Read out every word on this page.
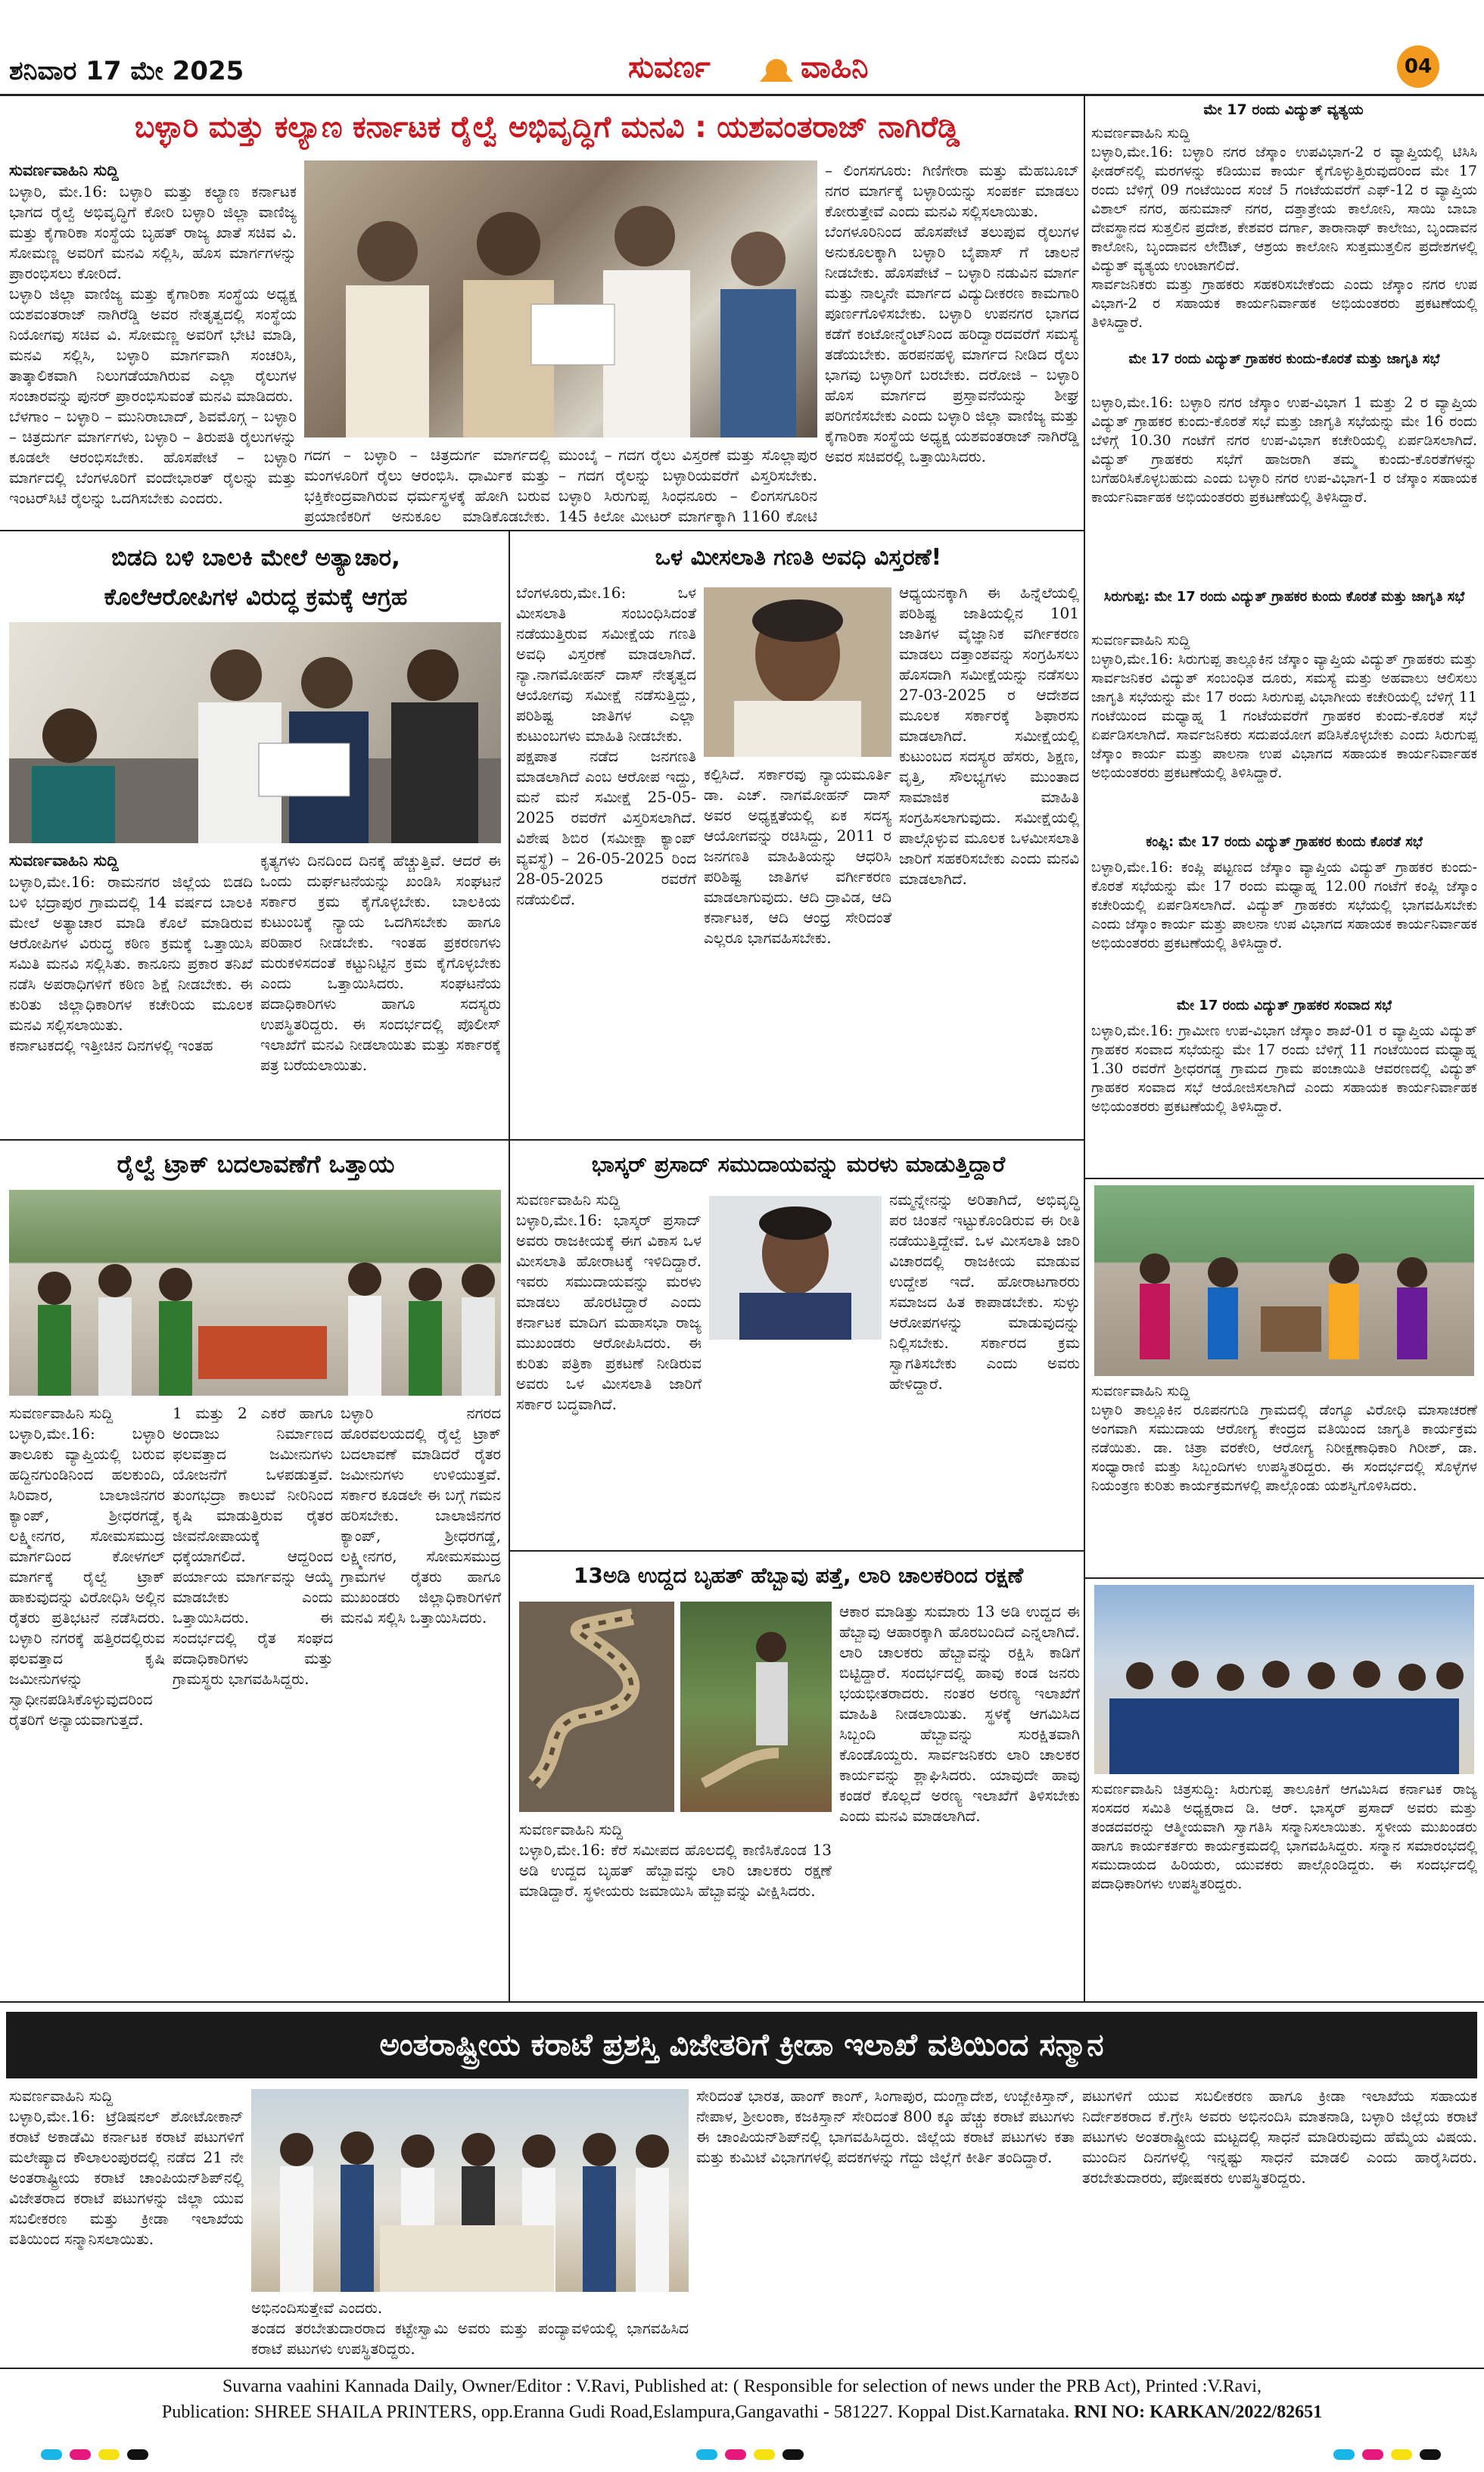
ಶನಿವಾರ 17 ಮೇ 2025	ಸುವರ್ಣ	ವಾಹಿನಿ	04
ಬಳ್ಳಾರಿ ಮತ್ತು ಕಲ್ಯಾಣ ಕರ್ನಾಟಕ ರೈಲ್ವೆ ಅಭಿವೃದ್ಧಿಗೆ ಮನವಿ : ಯಶವಂತರಾಜ್ ನಾಗಿರೆಡ್ಡಿ
ಸುವರ್ಣವಾಹಿನಿ ಸುದ್ದಿ
ಬಳ್ಳಾರಿ, ಮೇ.16: ಬಳ್ಳಾರಿ ಮತ್ತು ಕಲ್ಯಾಣ ಕರ್ನಾಟಕ ಭಾಗದ ರೈಲ್ವೆ ಅಭಿವೃದ್ಧಿಗೆ ಕೋರಿ ಬಳ್ಳಾರಿ ಜಿಲ್ಲಾ ವಾಣಿಜ್ಯ ಮತ್ತು ಕೈಗಾರಿಕಾ ಸಂಸ್ಥೆಯ ಬೃಹತ್ ರಾಜ್ಯ ಖಾತೆ ಸಚಿವ ವಿ. ಸೋಮಣ್ಣ ಅವರಿಗೆ ಮನವಿ ಸಲ್ಲಿಸಿ, ಹೊಸ ಮಾರ್ಗಗಳನ್ನು ಪ್ರಾರಂಭಿಸಲು ಕೋರಿದೆ.
ಬಳ್ಳಾರಿ ಜಿಲ್ಲಾ ವಾಣಿಜ್ಯ ಮತ್ತು ಕೈಗಾರಿಕಾ ಸಂಸ್ಥೆಯ ಅಧ್ಯಕ್ಷ ಯಶವಂತರಾಜ್ ನಾಗಿರೆಡ್ಡಿ ಅವರ ನೇತೃತ್ವದಲ್ಲಿ ಸಂಸ್ಥೆಯ ನಿಯೋಗವು ಸಚಿವ ವಿ. ಸೋಮಣ್ಣ ಅವರಿಗೆ ಭೇಟಿ ಮಾಡಿ, ಮನವಿ ಸಲ್ಲಿಸಿ, ಬಳ್ಳಾರಿ ಮಾರ್ಗವಾಗಿ ಸಂಚರಿಸಿ, ತಾತ್ಕಾಲಿಕವಾಗಿ ನಿಲುಗಡೆಯಾಗಿರುವ ಎಲ್ಲಾ ರೈಲುಗಳ ಸಂಚಾರವನ್ನು ಪುನರ್ ಪ್ರಾರಂಭಿಸುವಂತೆ ಮನವಿ ಮಾಡಿದರು.
ಬೆಳಗಾಂ – ಬಳ್ಳಾರಿ – ಮುನಿರಾಬಾದ್, ಶಿವಮೊಗ್ಗ – ಬಳ್ಳಾರಿ – ಚಿತ್ರದುರ್ಗ ಮಾರ್ಗಗಳು, ಬಳ್ಳಾರಿ – ತಿರುಪತಿ ರೈಲುಗಳನ್ನು ಕೂಡಲೇ ಆರಂಭಿಸಬೇಕು. ಹೊಸಪೇಟೆ – ಬಳ್ಳಾರಿ ಮಾರ್ಗದಲ್ಲಿ ಬೆಂಗಳೂರಿಗೆ ವಂದೇಭಾರತ್ ರೈಲನ್ನು ಮತ್ತು ಇಂಟರ್‌ಸಿಟಿ ರೈಲನ್ನು ಒದಗಿಸಬೇಕು ಎಂದರು.
ಗದಗ – ಬಳ್ಳಾರಿ – ಚಿತ್ರದುರ್ಗ ಮಾರ್ಗದಲ್ಲಿ ಮಂಗಳೂರಿಗೆ ರೈಲು ಆರಂಭಿಸಿ. ಧಾರ್ಮಿಕ ಮತ್ತು ಭಕ್ತಿಕೇಂದ್ರವಾಗಿರುವ ಧರ್ಮಸ್ಥಳಕ್ಕೆ ಹೋಗಿ ಬರುವ ಪ್ರಯಾಣಿಕರಿಗೆ ಅನುಕೂಲ ಮಾಡಿಕೊಡಬೇಕು.
ಮುಂಬೈ – ಗದಗ ರೈಲು ವಿಸ್ತರಣೆ ಮತ್ತು ಸೊಲ್ಲಾಪುರ – ಗದಗ ರೈಲನ್ನು ಬಳ್ಳಾರಿಯವರೆಗೆ ವಿಸ್ತರಿಸಬೇಕು. ಬಳ್ಳಾರಿ ಸಿರುಗುಪ್ಪ ಸಿಂಧನೂರು – ಲಿಂಗಸಗೂರಿನ 145 ಕಿಲೋ ಮೀಟರ್ ಮಾರ್ಗಕ್ಕಾಗಿ 1160 ಕೋಟಿ
– ಲಿಂಗಸಗೂರು: ಗಿಣಿಗೇರಾ ಮತ್ತು ಮೆಹಬೂಬ್ ನಗರ ಮಾರ್ಗಕ್ಕೆ ಬಳ್ಳಾರಿಯನ್ನು ಸಂಪರ್ಕ ಮಾಡಲು ಕೋರುತ್ತೇವೆ ಎಂದು ಮನವಿ ಸಲ್ಲಿಸಲಾಯಿತು.
ಬೆಂಗಳೂರಿನಿಂದ ಹೊಸಪೇಟೆ ತಲುಪುವ ರೈಲುಗಳ ಅನುಕೂಲಕ್ಕಾಗಿ ಬಳ್ಳಾರಿ ಬೈಪಾಸ್ ಗೆ ಚಾಲನೆ ನೀಡಬೇಕು. ಹೊಸಪೇಟೆ – ಬಳ್ಳಾರಿ ನಡುವಿನ ಮಾರ್ಗ ಮತ್ತು ನಾಲ್ಕನೇ ಮಾರ್ಗದ ವಿದ್ಯುದೀಕರಣ ಕಾಮಗಾರಿ ಪೂರ್ಣಗೊಳಿಸಬೇಕು. ಬಳ್ಳಾರಿ ಉಪನಗರ ಭಾಗದ ಕಡೆಗೆ ಕಂಟೋನ್ಮೆಂಟ್‌ನಿಂದ ಹರಿದ್ವಾರದವರೆಗೆ ಸಮಸ್ಯೆ ತಡೆಯಬೇಕು. ಹರಪನಹಳ್ಳಿ ಮಾರ್ಗದ ನೀಡಿದ ರೈಲು ಭಾಗವು ಬಳ್ಳಾರಿಗೆ ಬರಬೇಕು. ದರೋಜಿ – ಬಳ್ಳಾರಿ ಹೊಸ ಮಾರ್ಗದ ಪ್ರಸ್ತಾವನೆಯನ್ನು ಶೀಘ್ರ ಪರಿಗಣಿಸಬೇಕು ಎಂದು ಬಳ್ಳಾರಿ ಜಿಲ್ಲಾ ವಾಣಿಜ್ಯ ಮತ್ತು ಕೈಗಾರಿಕಾ ಸಂಸ್ಥೆಯ ಅಧ್ಯಕ್ಷ ಯಶವಂತರಾಜ್ ನಾಗಿರೆಡ್ಡಿ ಅವರ ಸಚಿವರಲ್ಲಿ ಒತ್ತಾಯಿಸಿದರು.
ಬಿಡದಿ ಬಳಿ ಬಾಲಕಿ ಮೇಲೆ ಅತ್ಯಾಚಾರ,
ಕೊಲೆಆರೋಪಿಗಳ ವಿರುದ್ಧ ಕ್ರಮಕ್ಕೆ ಆಗ್ರಹ
ಸುವರ್ಣವಾಹಿನಿ ಸುದ್ದಿ
ಬಳ್ಳಾರಿ,ಮೇ.16: ರಾಮನಗರ ಜಿಲ್ಲೆಯ ಬಿಡದಿ ಬಳಿ ಭದ್ರಾಪುರ ಗ್ರಾಮದಲ್ಲಿ 14 ವರ್ಷದ ಬಾಲಕಿ ಮೇಲೆ ಅತ್ಯಾಚಾರ ಮಾಡಿ ಕೊಲೆ ಮಾಡಿರುವ ಆರೋಪಿಗಳ ವಿರುದ್ಧ ಕಠಿಣ ಕ್ರಮಕ್ಕೆ ಒತ್ತಾಯಿಸಿ ಸಮಿತಿ ಮನವಿ ಸಲ್ಲಿಸಿತು. ಕಾನೂನು ಪ್ರಕಾರ ತನಿಖೆ ನಡೆಸಿ ಅಪರಾಧಿಗಳಿಗೆ ಕಠಿಣ ಶಿಕ್ಷೆ ನೀಡಬೇಕು. ಈ ಕುರಿತು ಜಿಲ್ಲಾಧಿಕಾರಿಗಳ ಕಚೇರಿಯ ಮೂಲಕ ಮನವಿ ಸಲ್ಲಿಸಲಾಯಿತು.
ಕರ್ನಾಟಕದಲ್ಲಿ ಇತ್ತೀಚಿನ ದಿನಗಳಲ್ಲಿ ಇಂತಹ
ಕೃತ್ಯಗಳು ದಿನದಿಂದ ದಿನಕ್ಕೆ ಹೆಚ್ಚುತ್ತಿವೆ. ಆದರೆ ಈ ಒಂದು ದುರ್ಘಟನೆಯನ್ನು ಖಂಡಿಸಿ ಸಂಘಟನೆ ಸರ್ಕಾರ ಕ್ರಮ ಕೈಗೊಳ್ಳಬೇಕು. ಬಾಲಕಿಯ ಕುಟುಂಬಕ್ಕೆ ನ್ಯಾಯ ಒದಗಿಸಬೇಕು ಹಾಗೂ ಪರಿಹಾರ ನೀಡಬೇಕು. ಇಂತಹ ಪ್ರಕರಣಗಳು ಮರುಕಳಿಸದಂತೆ ಕಟ್ಟುನಿಟ್ಟಿನ ಕ್ರಮ ಕೈಗೊಳ್ಳಬೇಕು ಎಂದು ಒತ್ತಾಯಿಸಿದರು. ಸಂಘಟನೆಯ ಪದಾಧಿಕಾರಿಗಳು ಹಾಗೂ ಸದಸ್ಯರು ಉಪಸ್ಥಿತರಿದ್ದರು. ಈ ಸಂದರ್ಭದಲ್ಲಿ ಪೊಲೀಸ್ ಇಲಾಖೆಗೆ ಮನವಿ ನೀಡಲಾಯಿತು ಮತ್ತು ಸರ್ಕಾರಕ್ಕೆ ಪತ್ರ ಬರೆಯಲಾಯಿತು.
ಒಳ ಮೀಸಲಾತಿ ಗಣತಿ ಅವಧಿ ವಿಸ್ತರಣೆ!
ಬೆಂಗಳೂರು,ಮೇ.16: ಒಳ ಮೀಸಲಾತಿ ಸಂಬಂಧಿಸಿದಂತೆ ನಡೆಯುತ್ತಿರುವ ಸಮೀಕ್ಷೆಯ ಗಣತಿ ಅವಧಿ ವಿಸ್ತರಣೆ ಮಾಡಲಾಗಿದೆ. ನ್ಯಾ.ನಾಗಮೋಹನ್ ದಾಸ್ ನೇತೃತ್ವದ ಆಯೋಗವು ಸಮೀಕ್ಷೆ ನಡೆಸುತ್ತಿದ್ದು, ಪರಿಶಿಷ್ಟ ಜಾತಿಗಳ ಎಲ್ಲಾ ಕುಟುಂಬಗಳು ಮಾಹಿತಿ ನೀಡಬೇಕು.
ಪಕ್ಷಪಾತ ನಡೆದ ಜನಗಣತಿ ಮಾಡಲಾಗಿದೆ ಎಂಬ ಆರೋಪ ಇದ್ದು, ಮನೆ ಮನೆ ಸಮೀಕ್ಷೆ 25-05-2025 ರವರೆಗೆ ವಿಸ್ತರಿಸಲಾಗಿದೆ. ವಿಶೇಷ ಶಿಬಿರ (ಸಮೀಕ್ಷಾ ಕ್ಯಾಂಪ್ ವ್ಯವಸ್ಥೆ) – 26-05-2025 ರಿಂದ 28-05-2025 ರವರೆಗೆ ನಡೆಯಲಿದೆ.
ಕಲ್ಪಿಸಿದೆ. ಸರ್ಕಾರವು ನ್ಯಾಯಮೂರ್ತಿ ಡಾ. ಎಚ್. ನಾಗಮೋಹನ್ ದಾಸ್ ಅವರ ಅಧ್ಯಕ್ಷತೆಯಲ್ಲಿ ಏಕ ಸದಸ್ಯ ಆಯೋಗವನ್ನು ರಚಿಸಿದ್ದು, 2011 ರ ಜನಗಣತಿ ಮಾಹಿತಿಯನ್ನು ಆಧರಿಸಿ ಪರಿಶಿಷ್ಟ ಜಾತಿಗಳ ವರ್ಗೀಕರಣ ಮಾಡಲಾಗುವುದು. ಆದಿ ದ್ರಾವಿಡ, ಆದಿ ಕರ್ನಾಟಕ, ಆದಿ ಆಂಧ್ರ ಸೇರಿದಂತೆ ಎಲ್ಲರೂ ಭಾಗವಹಿಸಬೇಕು.
ಆಧ್ಯಯನಕ್ಕಾಗಿ ಈ ಹಿನ್ನೆಲೆಯಲ್ಲಿ ಪರಿಶಿಷ್ಟ ಜಾತಿಯಲ್ಲಿನ 101 ಜಾತಿಗಳ ವೈಜ್ಞಾನಿಕ ವರ್ಗೀಕರಣ ಮಾಡಲು ದತ್ತಾಂಶವನ್ನು ಸಂಗ್ರಹಿಸಲು ಹೊಸದಾಗಿ ಸಮೀಕ್ಷೆಯನ್ನು ನಡೆಸಲು 27-03-2025 ರ ಆದೇಶದ ಮೂಲಕ ಸರ್ಕಾರಕ್ಕೆ ಶಿಫಾರಸು ಮಾಡಲಾಗಿದೆ. ಸಮೀಕ್ಷೆಯಲ್ಲಿ ಕುಟುಂಬದ ಸದಸ್ಯರ ಹೆಸರು, ಶಿಕ್ಷಣ, ವೃತ್ತಿ, ಸೌಲಭ್ಯಗಳು ಮುಂತಾದ ಸಾಮಾಜಿಕ ಮಾಹಿತಿ ಸಂಗ್ರಹಿಸಲಾಗುವುದು. ಸಮೀಕ್ಷೆಯಲ್ಲಿ ಪಾಲ್ಗೊಳ್ಳುವ ಮೂಲಕ ಒಳಮೀಸಲಾತಿ ಜಾರಿಗೆ ಸಹಕರಿಸಬೇಕು ಎಂದು ಮನವಿ ಮಾಡಲಾಗಿದೆ.
ರೈಲ್ವೆ ಟ್ರಾಕ್ ಬದಲಾವಣೆಗೆ ಒತ್ತಾಯ
ಸುವರ್ಣವಾಹಿನಿ ಸುದ್ದಿ
ಬಳ್ಳಾರಿ,ಮೇ.16: ಬಳ್ಳಾರಿ ತಾಲೂಕು ವ್ಯಾಪ್ತಿಯಲ್ಲಿ ಬರುವ ಹದ್ದಿನಗುಂಡಿನಿಂದ ಹಲಕುಂದಿ, ಸಿರಿವಾರ, ಬಾಲಾಜಿನಗರ ಕ್ಯಾಂಪ್, ಶ್ರೀಧರಗಡ್ಡೆ, ಲಕ್ಷ್ಮೀನಗರ, ಸೋಮಸಮುದ್ರ ಮಾರ್ಗದಿಂದ ಕೋಳಗಲ್ ಮಾರ್ಗಕ್ಕೆ ರೈಲ್ವೆ ಟ್ರಾಕ್ ಹಾಕುವುದನ್ನು ವಿರೋಧಿಸಿ ಅಲ್ಲಿನ ರೈತರು ಪ್ರತಿಭಟನೆ ನಡೆಸಿದರು. ಬಳ್ಳಾರಿ ನಗರಕ್ಕೆ ಹತ್ತಿರದಲ್ಲಿರುವ ಫಲವತ್ತಾದ ಕೃಷಿ ಜಮೀನುಗಳನ್ನು ಸ್ವಾಧೀನಪಡಿಸಿಕೊಳ್ಳುವುದರಿಂದ ರೈತರಿಗೆ ಅನ್ಯಾಯವಾಗುತ್ತದೆ.
1 ಮತ್ತು 2 ಎಕರೆ ಹಾಗೂ ಅಂದಾಜು ನಿರ್ಮಾಣದ ಫಲವತ್ತಾದ ಜಮೀನುಗಳು ಯೋಜನೆಗೆ ಒಳಪಡುತ್ತವೆ. ತುಂಗಭದ್ರಾ ಕಾಲುವೆ ನೀರಿನಿಂದ ಕೃಷಿ ಮಾಡುತ್ತಿರುವ ರೈತರ ಜೀವನೋಪಾಯಕ್ಕೆ ಧಕ್ಕೆಯಾಗಲಿದೆ. ಆದ್ದರಿಂದ ಪರ್ಯಾಯ ಮಾರ್ಗವನ್ನು ಆಯ್ಕೆ ಮಾಡಬೇಕು ಎಂದು ಒತ್ತಾಯಿಸಿದರು. ಈ ಸಂದರ್ಭದಲ್ಲಿ ರೈತ ಸಂಘದ ಪದಾಧಿಕಾರಿಗಳು ಮತ್ತು ಗ್ರಾಮಸ್ಥರು ಭಾಗವಹಿಸಿದ್ದರು.
ಬಳ್ಳಾರಿ ನಗರದ ಹೊರವಲಯದಲ್ಲಿ ರೈಲ್ವೆ ಟ್ರಾಕ್ ಬದಲಾವಣೆ ಮಾಡಿದರೆ ರೈತರ ಜಮೀನುಗಳು ಉಳಿಯುತ್ತವೆ. ಸರ್ಕಾರ ಕೂಡಲೇ ಈ ಬಗ್ಗೆ ಗಮನ ಹರಿಸಬೇಕು. ಬಾಲಾಜಿನಗರ ಕ್ಯಾಂಪ್, ಶ್ರೀಧರಗಡ್ಡೆ, ಲಕ್ಷ್ಮೀನಗರ, ಸೋಮಸಮುದ್ರ ಗ್ರಾಮಗಳ ರೈತರು ಹಾಗೂ ಮುಖಂಡರು ಜಿಲ್ಲಾಧಿಕಾರಿಗಳಿಗೆ ಮನವಿ ಸಲ್ಲಿಸಿ ಒತ್ತಾಯಿಸಿದರು.
ಭಾಸ್ಕರ್ ಪ್ರಸಾದ್ ಸಮುದಾಯವನ್ನು ಮರಳು ಮಾಡುತ್ತಿದ್ದಾರೆ
ಸುವರ್ಣವಾಹಿನಿ ಸುದ್ದಿ
ಬಳ್ಳಾರಿ,ಮೇ.16: ಭಾಸ್ಕರ್ ಪ್ರಸಾದ್ ಅವರು ರಾಜಕೀಯಕ್ಕೆ ಈಗ ವಿಕಾಸ ಒಳ ಮೀಸಲಾತಿ ಹೋರಾಟಕ್ಕೆ ಇಳಿದಿದ್ದಾರೆ. ಇವರು ಸಮುದಾಯವನ್ನು ಮರಳು ಮಾಡಲು ಹೊರಟಿದ್ದಾರೆ ಎಂದು ಕರ್ನಾಟಕ ಮಾದಿಗ ಮಹಾಸಭಾ ರಾಜ್ಯ ಮುಖಂಡರು ಆರೋಪಿಸಿದರು. ಈ ಕುರಿತು ಪತ್ರಿಕಾ ಪ್ರಕಟಣೆ ನೀಡಿರುವ ಅವರು ಒಳ ಮೀಸಲಾತಿ ಜಾರಿಗೆ ಸರ್ಕಾರ ಬದ್ಧವಾಗಿದೆ.
ನಮ್ಮನ್ನೇನನ್ನು ಅರಿತಾಗಿದೆ, ಅಭಿವೃದ್ಧಿ ಪರ ಚಿಂತನೆ ಇಟ್ಟುಕೊಂಡಿರುವ ಈ ರೀತಿ ನಡೆಯುತ್ತಿದ್ದೇವೆ. ಒಳ ಮೀಸಲಾತಿ ಜಾರಿ ವಿಚಾರದಲ್ಲಿ ರಾಜಕೀಯ ಮಾಡುವ ಉದ್ದೇಶ ಇದೆ. ಹೋರಾಟಗಾರರು ಸಮಾಜದ ಹಿತ ಕಾಪಾಡಬೇಕು. ಸುಳ್ಳು ಆರೋಪಗಳನ್ನು ಮಾಡುವುದನ್ನು ನಿಲ್ಲಿಸಬೇಕು. ಸರ್ಕಾರದ ಕ್ರಮ ಸ್ವಾಗತಿಸಬೇಕು ಎಂದು ಅವರು ಹೇಳಿದ್ದಾರೆ.
13ಅಡಿ ಉದ್ದದ ಬೃಹತ್ ಹೆಬ್ಬಾವು ಪತ್ತೆ, ಲಾರಿ ಚಾಲಕರಿಂದ ರಕ್ಷಣೆ
ಸುವರ್ಣವಾಹಿನಿ ಸುದ್ದಿ
ಬಳ್ಳಾರಿ,ಮೇ.16: ಕೆರೆ ಸಮೀಪದ ಹೊಲದಲ್ಲಿ ಕಾಣಿಸಿಕೊಂಡ 13 ಅಡಿ ಉದ್ದದ ಬೃಹತ್ ಹೆಬ್ಬಾವನ್ನು ಲಾರಿ ಚಾಲಕರು ರಕ್ಷಣೆ ಮಾಡಿದ್ದಾರೆ. ಸ್ಥಳೀಯರು ಜಮಾಯಿಸಿ ಹೆಬ್ಬಾವನ್ನು ವೀಕ್ಷಿಸಿದರು.
ಆಕಾರ ಮಾಡಿತ್ತು ಸುಮಾರು 13 ಅಡಿ ಉದ್ದದ ಈ ಹೆಬ್ಬಾವು ಆಹಾರಕ್ಕಾಗಿ ಹೊರಬಂದಿದೆ ಎನ್ನಲಾಗಿದೆ. ಲಾರಿ ಚಾಲಕರು ಹೆಬ್ಬಾವನ್ನು ರಕ್ಷಿಸಿ ಕಾಡಿಗೆ ಬಿಟ್ಟಿದ್ದಾರೆ. ಸಂದರ್ಭದಲ್ಲಿ ಹಾವು ಕಂಡ ಜನರು ಭಯಭೀತರಾದರು. ನಂತರ ಅರಣ್ಯ ಇಲಾಖೆಗೆ ಮಾಹಿತಿ ನೀಡಲಾಯಿತು. ಸ್ಥಳಕ್ಕೆ ಆಗಮಿಸಿದ ಸಿಬ್ಬಂದಿ ಹೆಬ್ಬಾವನ್ನು ಸುರಕ್ಷಿತವಾಗಿ ಕೊಂಡೊಯ್ದರು. ಸಾರ್ವಜನಿಕರು ಲಾರಿ ಚಾಲಕರ ಕಾರ್ಯವನ್ನು ಶ್ಲಾಘಿಸಿದರು. ಯಾವುದೇ ಹಾವು ಕಂಡರೆ ಕೊಲ್ಲದೆ ಅರಣ್ಯ ಇಲಾಖೆಗೆ ತಿಳಿಸಬೇಕು ಎಂದು ಮನವಿ ಮಾಡಲಾಗಿದೆ.
ಮೇ 17 ರಂದು ವಿದ್ಯುತ್ ವ್ಯತ್ಯಯ
ಸುವರ್ಣವಾಹಿನಿ ಸುದ್ದಿ
ಬಳ್ಳಾರಿ,ಮೇ.16: ಬಳ್ಳಾರಿ ನಗರ ಜೆಸ್ಕಾಂ ಉಪವಿಭಾಗ-2 ರ ವ್ಯಾಪ್ತಿಯಲ್ಲಿ ಟಿಸಿಸಿ ಫೀಡರ್‌ನಲ್ಲಿ ಮರಗಳನ್ನು ಕಡಿಯುವ ಕಾರ್ಯ ಕೈಗೊಳ್ಳುತ್ತಿರುವುದರಿಂದ ಮೇ 17 ರಂದು ಬೆಳಿಗ್ಗೆ 09 ಗಂಟೆಯಿಂದ ಸಂಜೆ 5 ಗಂಟೆಯವರೆಗೆ ಎಫ್-12 ರ ವ್ಯಾಪ್ತಿಯ ವಿಶಾಲ್ ನಗರ, ಹನುಮಾನ್ ನಗರ, ದತ್ತಾತ್ರೇಯ ಕಾಲೋನಿ, ಸಾಯಿ ಬಾಬಾ ದೇವಸ್ಥಾನದ ಸುತ್ತಲಿನ ಪ್ರದೇಶ, ಕೇಶವರ ದರ್ಗಾ, ತಾರಾನಾಥ್ ಕಾಲೇಜು, ಬೃಂದಾವನ ಕಾಲೋನಿ, ಬೃಂದಾವನ ಲೇಔಟ್, ಆಶ್ರಯ ಕಾಲೋನಿ ಸುತ್ತಮುತ್ತಲಿನ ಪ್ರದೇಶಗಳಲ್ಲಿ ವಿದ್ಯುತ್ ವ್ಯತ್ಯಯ ಉಂಟಾಗಲಿದೆ.
ಸಾರ್ವಜನಿಕರು ಮತ್ತು ಗ್ರಾಹಕರು ಸಹಕರಿಸಬೇಕೆಂದು ಎಂದು ಜೆಸ್ಕಾಂ ನಗರ ಉಪ ವಿಭಾಗ-2 ರ ಸಹಾಯಕ ಕಾರ್ಯನಿರ್ವಾಹಕ ಅಭಿಯಂತರರು ಪ್ರಕಟಣೆಯಲ್ಲಿ ತಿಳಿಸಿದ್ದಾರೆ.
ಮೇ 17 ರಂದು ವಿದ್ಯುತ್ ಗ್ರಾಹಕರ ಕುಂದು-ಕೊರತೆ ಮತ್ತು ಜಾಗೃತಿ ಸಭೆ
ಬಳ್ಳಾರಿ,ಮೇ.16: ಬಳ್ಳಾರಿ ನಗರ ಜೆಸ್ಕಾಂ ಉಪ-ವಿಭಾಗ 1 ಮತ್ತು 2 ರ ವ್ಯಾಪ್ತಿಯ ವಿದ್ಯುತ್ ಗ್ರಾಹಕರ ಕುಂದು-ಕೊರತೆ ಸಭೆ ಮತ್ತು ಜಾಗೃತಿ ಸಭೆಯನ್ನು ಮೇ 16 ರಂದು ಬೆಳಿಗ್ಗೆ 10.30 ಗಂಟೆಗೆ ನಗರ ಉಪ-ವಿಭಾಗ ಕಚೇರಿಯಲ್ಲಿ ಏರ್ಪಡಿಸಲಾಗಿದೆ. ವಿದ್ಯುತ್ ಗ್ರಾಹಕರು ಸಭೆಗೆ ಹಾಜರಾಗಿ ತಮ್ಮ ಕುಂದು-ಕೊರತೆಗಳನ್ನು ಬಗೆಹರಿಸಿಕೊಳ್ಳಬಹುದು ಎಂದು ಬಳ್ಳಾರಿ ನಗರ ಉಪ-ವಿಭಾಗ-1 ರ ಜೆಸ್ಕಾಂ ಸಹಾಯಕ ಕಾರ್ಯನಿರ್ವಾಹಕ ಅಭಿಯಂತರರು ಪ್ರಕಟಣೆಯಲ್ಲಿ ತಿಳಿಸಿದ್ದಾರೆ.
ಸಿರುಗುಪ್ಪ: ಮೇ 17 ರಂದು ವಿದ್ಯುತ್ ಗ್ರಾಹಕರ ಕುಂದು ಕೊರತೆ ಮತ್ತು ಜಾಗೃತಿ ಸಭೆ
ಸುವರ್ಣವಾಹಿನಿ ಸುದ್ದಿ
ಬಳ್ಳಾರಿ,ಮೇ.16: ಸಿರುಗುಪ್ಪ ತಾಲ್ಲೂಕಿನ ಜೆಸ್ಕಾಂ ವ್ಯಾಪ್ತಿಯ ವಿದ್ಯುತ್ ಗ್ರಾಹಕರು ಮತ್ತು ಸಾರ್ವಜನಿಕರ ವಿದ್ಯುತ್ ಸಂಬಂಧಿತ ದೂರು, ಸಮಸ್ಯೆ ಮತ್ತು ಅಹವಾಲು ಆಲಿಸಲು ಜಾಗೃತಿ ಸಭೆಯನ್ನು ಮೇ 17 ರಂದು ಸಿರುಗುಪ್ಪ ವಿಭಾಗೀಯ ಕಚೇರಿಯಲ್ಲಿ ಬೆಳಿಗ್ಗೆ 11 ಗಂಟೆಯಿಂದ ಮಧ್ಯಾಹ್ನ 1 ಗಂಟೆಯವರೆಗೆ ಗ್ರಾಹಕರ ಕುಂದು-ಕೊರತೆ ಸಭೆ ಏರ್ಪಡಿಸಲಾಗಿದೆ. ಸಾರ್ವಜನಿಕರು ಸದುಪಯೋಗ ಪಡಿಸಿಕೊಳ್ಳಬೇಕು ಎಂದು ಸಿರುಗುಪ್ಪ ಜೆಸ್ಕಾಂ ಕಾರ್ಯ ಮತ್ತು ಪಾಲನಾ ಉಪ ವಿಭಾಗದ ಸಹಾಯಕ ಕಾರ್ಯನಿರ್ವಾಹಕ ಅಭಿಯಂತರರು ಪ್ರಕಟಣೆಯಲ್ಲಿ ತಿಳಿಸಿದ್ದಾರೆ.
ಕಂಪ್ಲಿ: ಮೇ 17 ರಂದು ವಿದ್ಯುತ್ ಗ್ರಾಹಕರ ಕುಂದು ಕೊರತೆ ಸಭೆ
ಬಳ್ಳಾರಿ,ಮೇ.16: ಕಂಪ್ಲಿ ಪಟ್ಟಣದ ಜೆಸ್ಕಾಂ ವ್ಯಾಪ್ತಿಯ ವಿದ್ಯುತ್ ಗ್ರಾಹಕರ ಕುಂದು-ಕೊರತೆ ಸಭೆಯನ್ನು ಮೇ 17 ರಂದು ಮಧ್ಯಾಹ್ನ 12.00 ಗಂಟೆಗೆ ಕಂಪ್ಲಿ ಜೆಸ್ಕಾಂ ಕಚೇರಿಯಲ್ಲಿ ಏರ್ಪಡಿಸಲಾಗಿದೆ. ವಿದ್ಯುತ್ ಗ್ರಾಹಕರು ಸಭೆಯಲ್ಲಿ ಭಾಗವಹಿಸಬೇಕು ಎಂದು ಜೆಸ್ಕಾಂ ಕಾರ್ಯ ಮತ್ತು ಪಾಲನಾ ಉಪ ವಿಭಾಗದ ಸಹಾಯಕ ಕಾರ್ಯನಿರ್ವಾಹಕ ಅಭಿಯಂತರರು ಪ್ರಕಟಣೆಯಲ್ಲಿ ತಿಳಿಸಿದ್ದಾರೆ.
ಮೇ 17 ರಂದು ವಿದ್ಯುತ್ ಗ್ರಾಹಕರ ಸಂವಾದ ಸಭೆ
ಬಳ್ಳಾರಿ,ಮೇ.16: ಗ್ರಾಮೀಣ ಉಪ-ವಿಭಾಗ ಜೆಸ್ಕಾಂ ಶಾಖೆ-01 ರ ವ್ಯಾಪ್ತಿಯ ವಿದ್ಯುತ್ ಗ್ರಾಹಕರ ಸಂವಾದ ಸಭೆಯನ್ನು ಮೇ 17 ರಂದು ಬೆಳಿಗ್ಗೆ 11 ಗಂಟೆಯಿಂದ ಮಧ್ಯಾಹ್ನ 1.30 ರವರೆಗೆ ಶ್ರೀಧರಗಡ್ಡ ಗ್ರಾಮದ ಗ್ರಾಮ ಪಂಚಾಯಿತಿ ಆವರಣದಲ್ಲಿ ವಿದ್ಯುತ್ ಗ್ರಾಹಕರ ಸಂವಾದ ಸಭೆ ಆಯೋಜಿಸಲಾಗಿದೆ ಎಂದು ಸಹಾಯಕ ಕಾರ್ಯನಿರ್ವಾಹಕ ಅಭಿಯಂತರರು ಪ್ರಕಟಣೆಯಲ್ಲಿ ತಿಳಿಸಿದ್ದಾರೆ.
ಸುವರ್ಣವಾಹಿನಿ ಸುದ್ದಿ
ಬಳ್ಳಾರಿ ತಾಲ್ಲೂಕಿನ ರೂಪನಗುಡಿ ಗ್ರಾಮದಲ್ಲಿ ಡೆಂಗ್ಯೂ ವಿರೋಧಿ ಮಾಸಾಚರಣೆ ಅಂಗವಾಗಿ ಸಮುದಾಯ ಆರೋಗ್ಯ ಕೇಂದ್ರದ ವತಿಯಿಂದ ಜಾಗೃತಿ ಕಾರ್ಯಕ್ರಮ ನಡೆಯಿತು. ಡಾ. ಚಿತ್ರಾ ವರಕೇರಿ, ಆರೋಗ್ಯ ನಿರೀಕ್ಷಣಾಧಿಕಾರಿ ಗಿರೀಶ್, ಡಾ. ಸಂಧ್ಯಾರಾಣಿ ಮತ್ತು ಸಿಬ್ಬಂದಿಗಳು ಉಪಸ್ಥಿತರಿದ್ದರು. ಈ ಸಂದರ್ಭದಲ್ಲಿ ಸೊಳ್ಳೆಗಳ ನಿಯಂತ್ರಣ ಕುರಿತು ಕಾರ್ಯಕ್ರಮಗಳಲ್ಲಿ ಪಾಲ್ಗೊಂಡು ಯಶಸ್ವಿಗೊಳಿಸಿದರು.
ಸುವರ್ಣವಾಹಿನಿ ಚಿತ್ರಸುದ್ದಿ: ಸಿರುಗುಪ್ಪ ತಾಲೂಕಿಗೆ ಆಗಮಿಸಿದ ಕರ್ನಾಟಕ ರಾಜ್ಯ ಸಂಸದರ ಸಮಿತಿ ಅಧ್ಯಕ್ಷರಾದ ಡಿ. ಆರ್. ಭಾಸ್ಕರ್ ಪ್ರಸಾದ್ ಅವರು ಮತ್ತು ತಂಡದವರನ್ನು ಆತ್ಮೀಯವಾಗಿ ಸ್ವಾಗತಿಸಿ ಸನ್ಮಾನಿಸಲಾಯಿತು. ಸ್ಥಳೀಯ ಮುಖಂಡರು ಹಾಗೂ ಕಾರ್ಯಕರ್ತರು ಕಾರ್ಯಕ್ರಮದಲ್ಲಿ ಭಾಗವಹಿಸಿದ್ದರು. ಸನ್ಮಾನ ಸಮಾರಂಭದಲ್ಲಿ ಸಮುದಾಯದ ಹಿರಿಯರು, ಯುವಕರು ಪಾಲ್ಗೊಂಡಿದ್ದರು. ಈ ಸಂದರ್ಭದಲ್ಲಿ ಪದಾಧಿಕಾರಿಗಳು ಉಪಸ್ಥಿತರಿದ್ದರು.
ಅಂತರಾಷ್ಟ್ರೀಯ ಕರಾಟೆ ಪ್ರಶಸ್ತಿ ವಿಜೇತರಿಗೆ ಕ್ರೀಡಾ ಇಲಾಖೆ ವತಿಯಿಂದ ಸನ್ಮಾನ
ಸುವರ್ಣವಾಹಿನಿ ಸುದ್ದಿ
ಬಳ್ಳಾರಿ,ಮೇ.16: ಟ್ರೆಡಿಷನಲ್ ಶೋಟೋಕಾನ್ ಕರಾಟೆ ಅಕಾಡೆಮಿ ಕರ್ನಾಟಕ ಕರಾಟೆ ಪಟುಗಳಿಗೆ ಮಲೇಷ್ಯಾದ ಕೌಲಾಲಂಪುರದಲ್ಲಿ ನಡೆದ 21 ನೇ ಅಂತರಾಷ್ಟ್ರೀಯ ಕರಾಟೆ ಚಾಂಪಿಯನ್‌ಶಿಪ್‌ನಲ್ಲಿ ವಿಜೇತರಾದ ಕರಾಟೆ ಪಟುಗಳನ್ನು ಜಿಲ್ಲಾ ಯುವ ಸಬಲೀಕರಣ ಮತ್ತು ಕ್ರೀಡಾ ಇಲಾಖೆಯ ವತಿಯಿಂದ ಸನ್ಮಾನಿಸಲಾಯಿತು.
ಅಭಿನಂದಿಸುತ್ತೇವೆ ಎಂದರು.
ತಂಡದ ತರಬೇತುದಾರರಾದ ಕಟ್ಟೇಸ್ವಾಮಿ ಅವರು ಮತ್ತು ಪಂದ್ಯಾವಳಿಯಲ್ಲಿ ಭಾಗವಹಿಸಿದ ಕರಾಟೆ ಪಟುಗಳು ಉಪಸ್ಥಿತರಿದ್ದರು.
ಸೇರಿದಂತೆ ಭಾರತ, ಹಾಂಗ್ ಕಾಂಗ್, ಸಿಂಗಾಪುರ, ದುಂಗ್ಲಾದೇಶ, ಉಜ್ಬೇಕಿಸ್ತಾನ್, ನೇಪಾಳ, ಶ್ರೀಲಂಕಾ, ಕಜಕಿಸ್ತಾನ್ ಸೇರಿದಂತೆ 800 ಕ್ಕೂ ಹೆಚ್ಚು ಕರಾಟೆ ಪಟುಗಳು ಈ ಚಾಂಪಿಯನ್‌ಶಿಪ್‌ನಲ್ಲಿ ಭಾಗವಹಿಸಿದ್ದರು. ಜಿಲ್ಲೆಯ ಕರಾಟೆ ಪಟುಗಳು ಕತಾ ಮತ್ತು ಕುಮಿಟೆ ವಿಭಾಗಗಳಲ್ಲಿ ಪದಕಗಳನ್ನು ಗೆದ್ದು ಜಿಲ್ಲೆಗೆ ಕೀರ್ತಿ ತಂದಿದ್ದಾರೆ.
ಪಟುಗಳಿಗೆ ಯುವ ಸಬಲೀಕರಣ ಹಾಗೂ ಕ್ರೀಡಾ ಇಲಾಖೆಯ ಸಹಾಯಕ ನಿರ್ದೇಶಕರಾದ ಕೆ.ಗ್ರೇಸಿ ಅವರು ಅಭಿನಂದಿಸಿ ಮಾತನಾಡಿ, ಬಳ್ಳಾರಿ ಜಿಲ್ಲೆಯ ಕರಾಟೆ ಪಟುಗಳು ಅಂತರಾಷ್ಟ್ರೀಯ ಮಟ್ಟದಲ್ಲಿ ಸಾಧನೆ ಮಾಡಿರುವುದು ಹೆಮ್ಮೆಯ ವಿಷಯ. ಮುಂದಿನ ದಿನಗಳಲ್ಲಿ ಇನ್ನಷ್ಟು ಸಾಧನೆ ಮಾಡಲಿ ಎಂದು ಹಾರೈಸಿದರು. ತರಬೇತುದಾರರು, ಪೋಷಕರು ಉಪಸ್ಥಿತರಿದ್ದರು.
Suvarna vaahini Kannada Daily, Owner/Editor : V.Ravi, Published at: ( Responsible for selection of news under the PRB Act), Printed :V.Ravi,
Publication: SHREE SHAILA PRINTERS, opp.Eranna Gudi Road,Eslampura,Gangavathi - 581227. Koppal Dist.Karnataka. RNI NO: KARKAN/2022/82651
